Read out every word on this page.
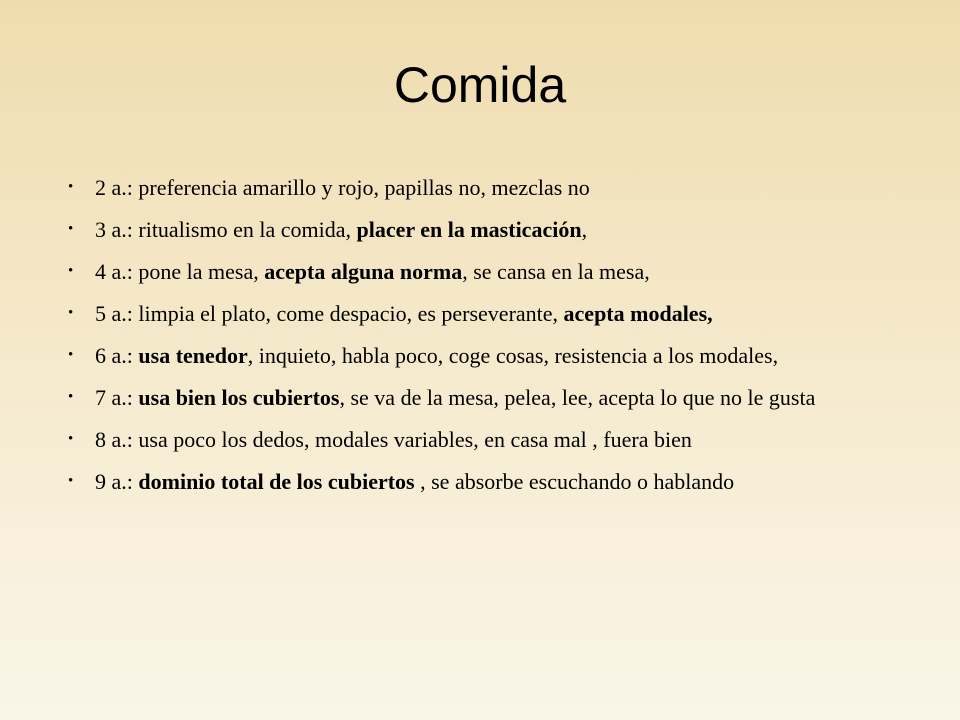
Comida
• 2 a.: preferencia amarillo y rojo, papillas no, mezclas no
• 3 a.: ritualismo en la comida, placer en la masticación,
• 4 a.: pone la mesa, acepta alguna norma, se cansa en la mesa,
• 5 a.: limpia el plato, come despacio, es perseverante, acepta modales,
• 6 a.: usa tenedor, inquieto, habla poco, coge cosas, resistencia a los modales,
• 7 a.: usa bien los cubiertos, se va de la mesa, pelea, lee, acepta lo que no le gusta
• 8 a.: usa poco los dedos, modales variables, en casa mal , fuera bien
• 9 a.: dominio total de los cubiertos , se absorbe escuchando o hablando
